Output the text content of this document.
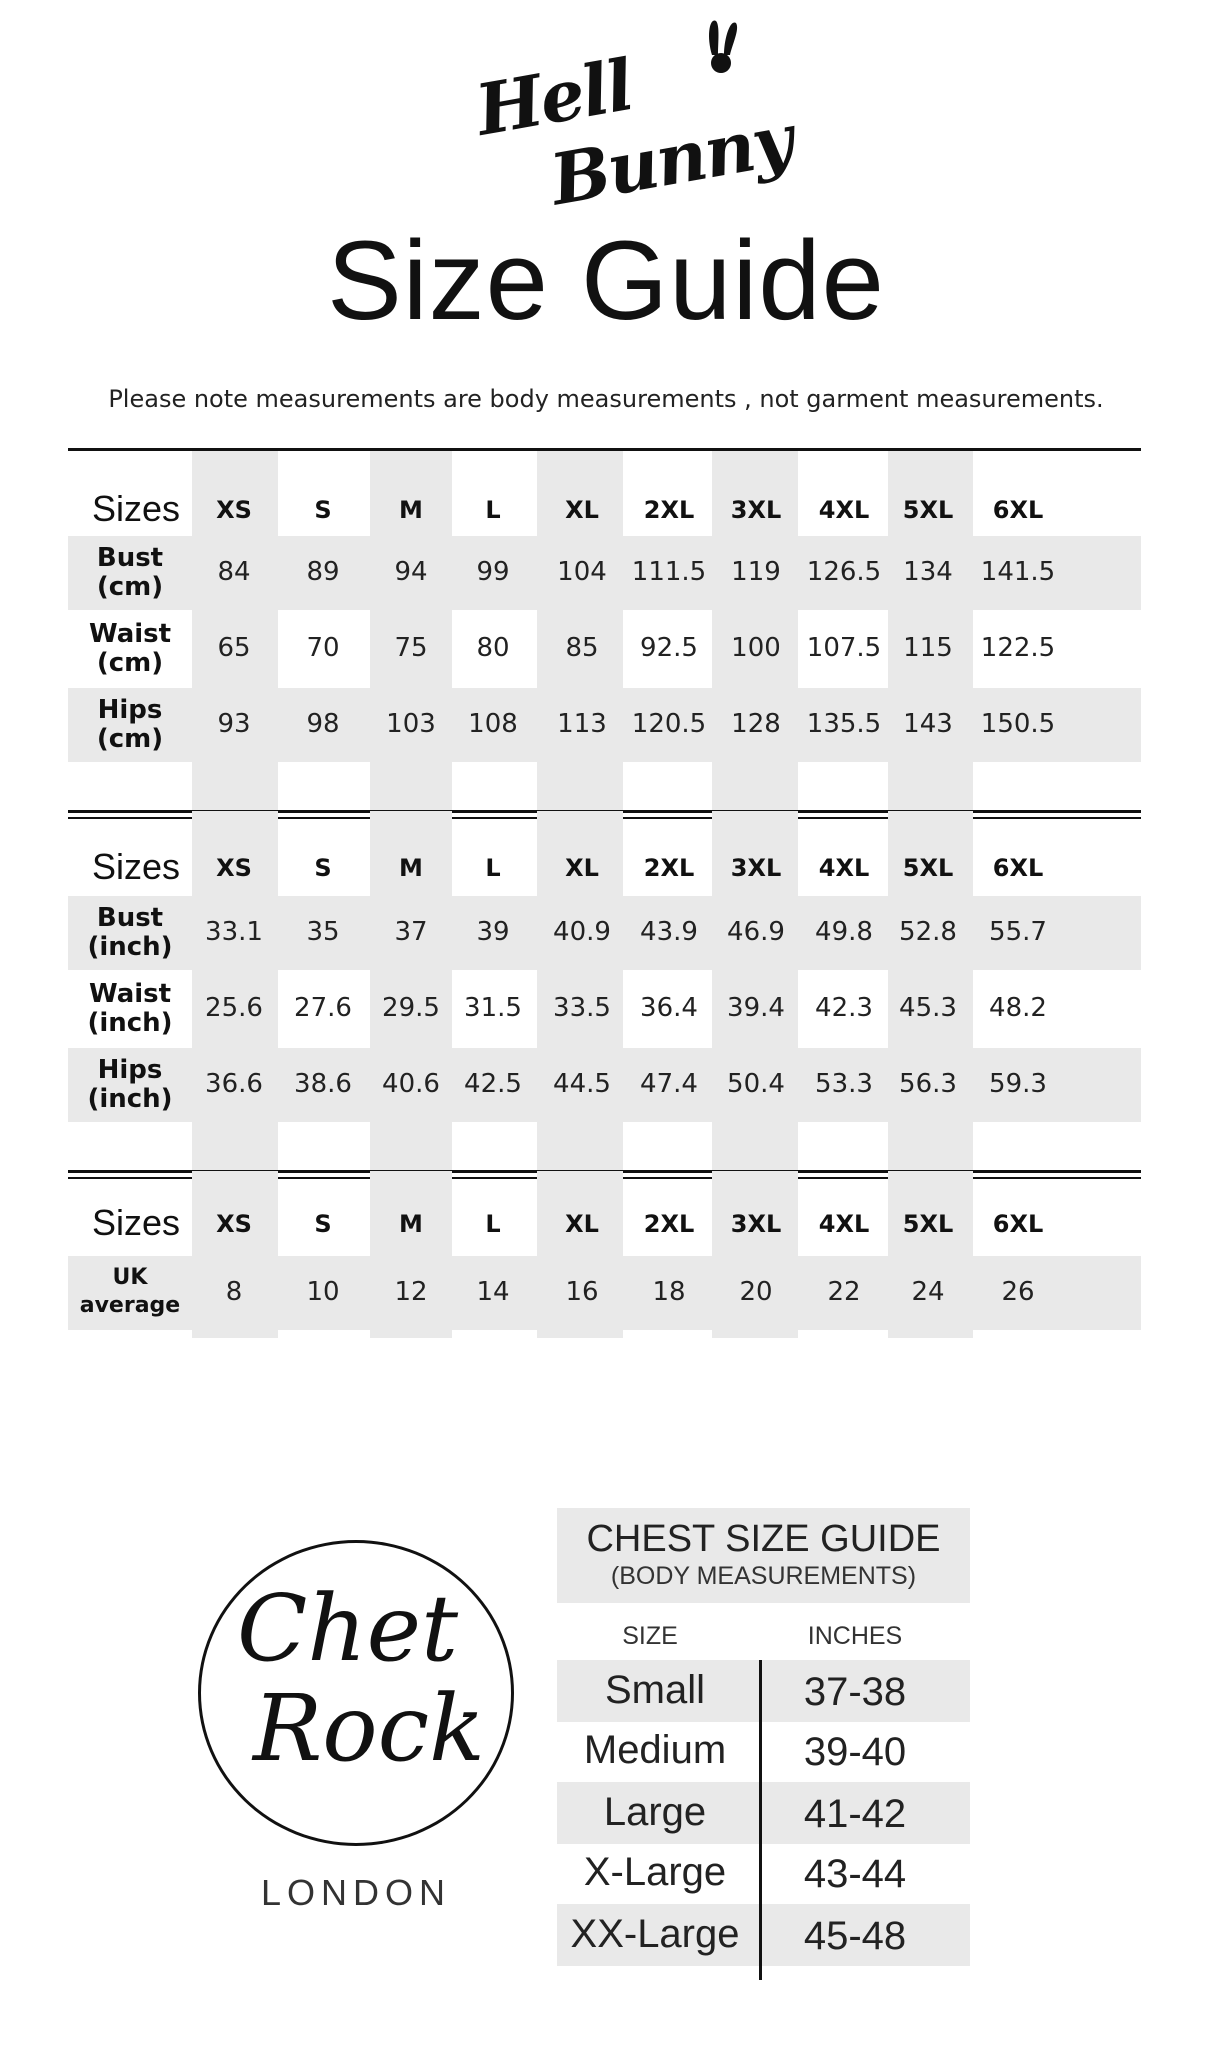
Hell
Bunny
Size Guide
Please note measurements are body measurements , not garment measurements.
Sizes XS	S	M	L	XL 2XL 3XL 4XL 5XL 6XL
Bust
(cm)	84 89 94 99 104 111.5 119 126.5 134 141.5
Waist
(cm)	65 70 75 80 85 92.5 100 107.5 115 122.5
Hips
(cm)	93 98 103 108 113 120.5 128 135.5 143 150.5
Sizes XS	S	M	L	XL 2XL 3XL 4XL 5XL 6XL
Bust
(inch)	33.1 35 37 39 40.9 43.9 46.9 49.8 52.8 55.7
Waist
(inch)	25.6 27.6 29.5 31.5 33.5 36.4 39.4 42.3 45.3 48.2
Hips
(inch)	36.6 38.6 40.6 42.5 44.5 47.4 50.4 53.3 56.3 59.3
Sizes XS	S	M	L	XL 2XL 3XL 4XL 5XL 6XL
UK
average	8 10 12 14 16 18 20 22 24 26
Chet
Rock
LONDON
CHEST SIZE GUIDE
(BODY MEASUREMENTS)
SIZE	INCHES
Small 37-38
Medium 39-40
Large 41-42
X-Large 43-44
XX-Large 45-48
